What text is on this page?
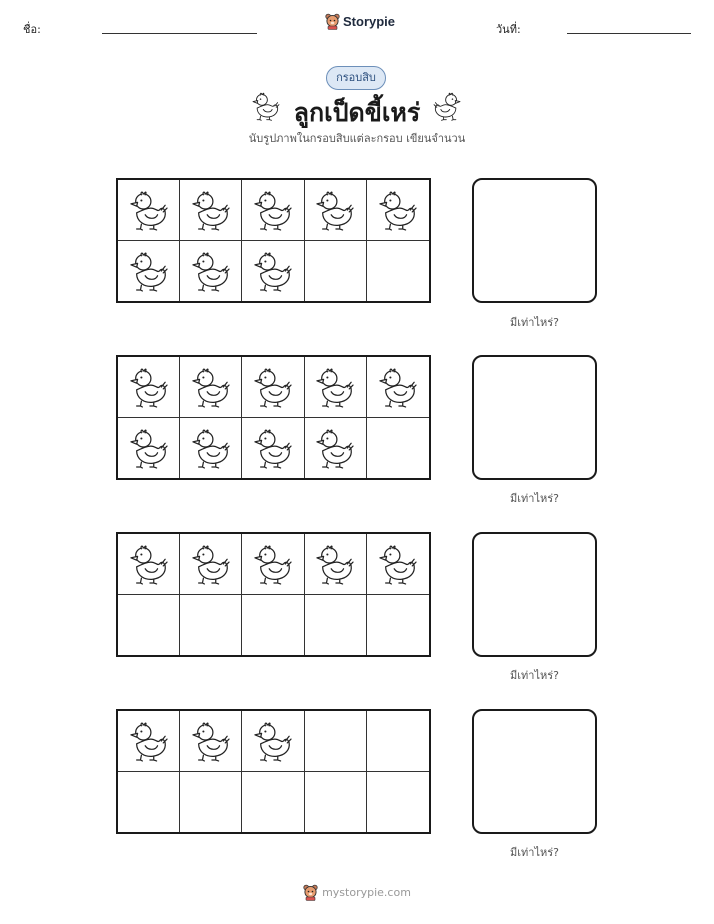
ชื่อ:
Storypie
วันที่:
กรอบสิบ
ลูกเป็ดขี้เหร่
นับรูปภาพในกรอบสิบแต่ละกรอบ เขียนจำนวน
มีเท่าไหร่?
มีเท่าไหร่?
มีเท่าไหร่?
มีเท่าไหร่?
mystorypie.com
